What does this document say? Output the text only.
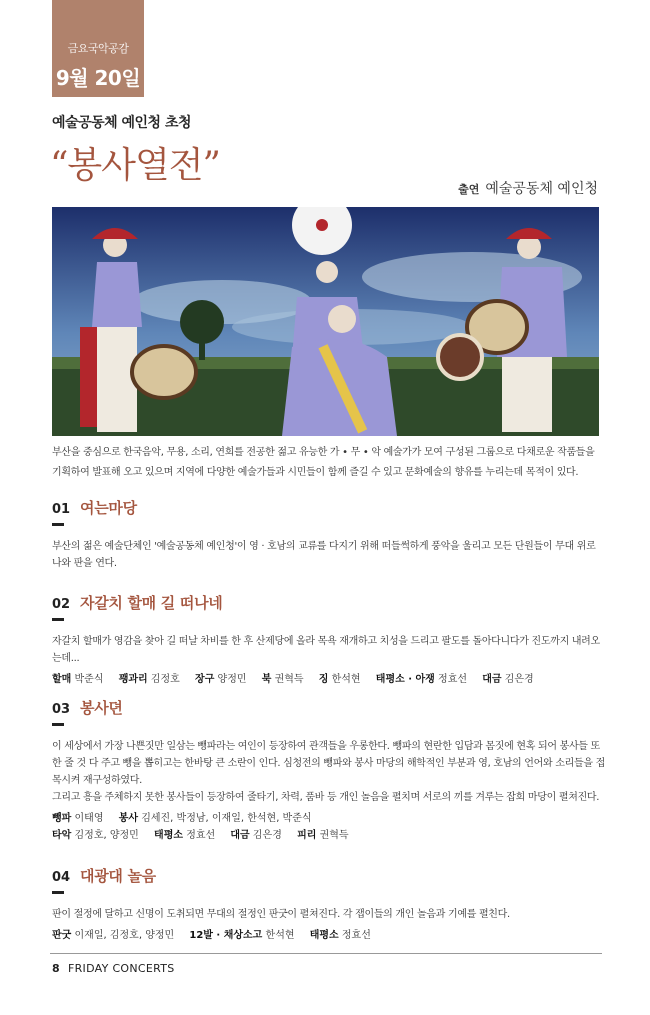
금요국악공감
9월 20일
예술공동체 예인청 초청
“봉사열전”
출연 예술공동체 예인청
부산을 중심으로 한국음악, 무용, 소리, 연희를 전공한 젊고 유능한 가 • 무 • 악 예술가가 모여 구성된 그룹으로 다채로운 작품들을 기획하여 발표해 오고 있으며 지역에 다양한 예술가들과 시민들이 함께 즐길 수 있고 문화예술의 향유를 누리는데 목적이 있다.
01 여는마당
부산의 젊은 예술단체인 '예술공동체 예인청'이 영 · 호남의 교류를 다지기 위해 떠들썩하게 풍악을 울리고 모든 단원들이 무대 위로 나와 판을 연다.
02 자갈치 할매 길 떠나네
자갈치 할매가 영감을 찾아 길 떠날 차비를 한 후 산제당에 올라 목욕 재개하고 치성을 드리고 팔도를 돌아다니다가 진도까지 내려오는데...
할매 박준식 꽹과리 김정호 장구 양정민 북 권혁득 징 한석현 태평소 · 아쟁 정효선 대금 김은경
03 봉사뎐
이 세상에서 가장 나쁜짓만 일삼는 뺑파라는 여인이 등장하여 관객들을 우롱한다. 뺑파의 현란한 입담과 몸짓에 현혹 되어 봉사들 또한 줄 것 다 주고 뺑을 뽑히고는 한바탕 큰 소란이 인다. 심청전의 뺑파와 봉사 마당의 해학적인 부분과 영, 호남의 언어와 소리들을 접목시켜 재구성하였다.
그리고 흥을 주체하지 못한 봉사들이 등장하여 줄타기, 차력, 품바 등 개인 놀음을 펼치며 서로의 끼를 겨루는 잡희 마당이 펼쳐진다.
뺑파 이태영 봉사 김세진, 박정남, 이재일, 한석현, 박준식
타악 김정호, 양정민 태평소 정효선 대금 김은경 피리 권혁득
04 대광대 놀음
판이 절정에 달하고 신명이 도취되면 무대의 절정인 판굿이 펼쳐진다. 각 잽이들의 개인 놀음과 기예를 펼친다.
판굿 이재일, 김정호, 양정민 12발 · 채상소고 한석현 태평소 정효선
8 FRIDAY CONCERTS
